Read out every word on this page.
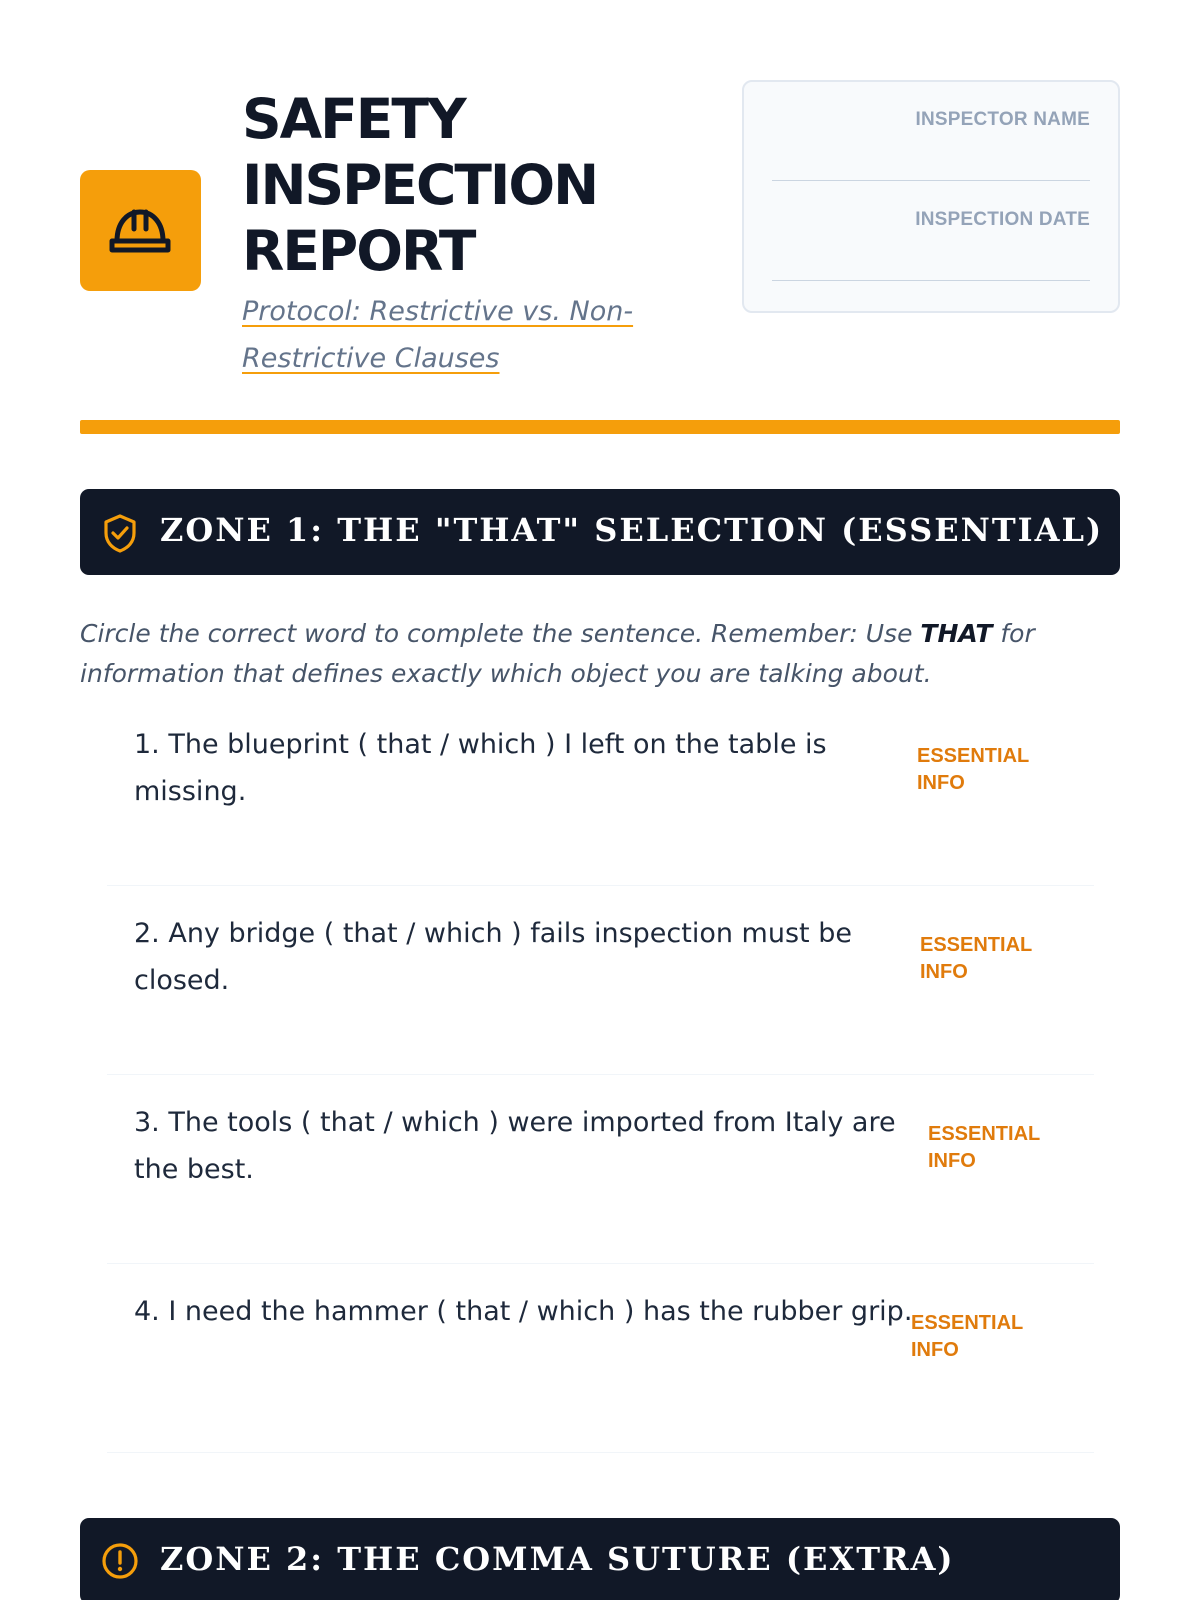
SAFETY INSPECTION REPORT
Protocol: Restrictive vs. Non-Restrictive Clauses
INSPECTOR NAME
INSPECTION DATE
ZONE 1: THE "THAT" SELECTION (ESSENTIAL)
Circle the correct word to complete the sentence. Remember: Use THAT for information that defines exactly which object you are talking about.
1. The blueprint ( that / which ) I left on the table is missing.
ESSENTIAL INFO
2. Any bridge ( that / which ) fails inspection must be closed.
ESSENTIAL INFO
3. The tools ( that / which ) were imported from Italy are the best.
ESSENTIAL INFO
4. I need the hammer ( that / which ) has the rubber grip.
ESSENTIAL INFO
ZONE 2: THE COMMA SUTURE (EXTRA)
